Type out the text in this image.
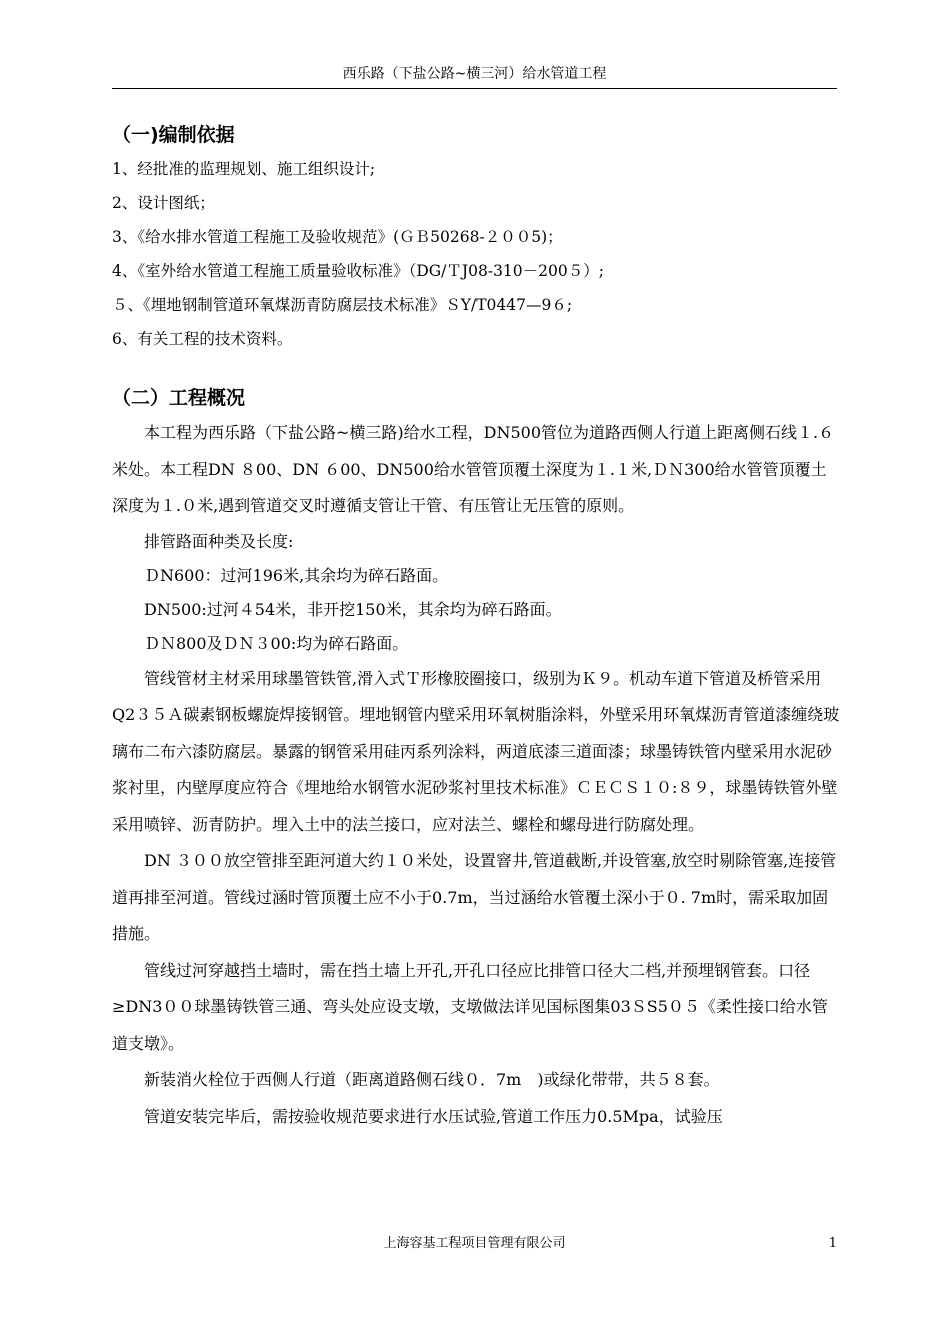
西乐路（下盐公路~横三河）给水管道工程
（一)编制依据

1、经批准的监理规划、施工组织设计;

2、设计图纸；

3、《给水排水管道工程施工及验收规范》(ＧＢ50268-２００5)；

4、《室外给水管道工程施工质量验收标准》（DG/ＴJ08-310－200５）;

５、《埋地钢制管道环氧煤沥青防腐层技术标准》ＳY/T0447—9６;

6、有关工程的技术资料。

（二）工程概况

本工程为西乐路（下盐公路~横三路)给水工程，DN500管位为道路西侧人行道上距离侧石线１.６米处。本工程DN ８00、DN ６00、DN500给水管管顶覆土深度为１.１米,ＤＮ300给水管管顶覆土深度为１.０米,遇到管道交叉时遵循支管让干管、有压管让无压管的原则。

排管路面种类及长度:

ＤN600：过河196米,其余均为碎石路面。

DN500:过河４54米，非开挖150米，其余均为碎石路面。

ＤＮ800及ＤＮ３00:均为碎石路面。

管线管材主材采用球墨管铁管,滑入式Ｔ形橡胶圈接口，级别为Ｋ９。机动车道下管道及桥管采用Q2３５Ａ碳素钢板螺旋焊接钢管。埋地钢管内壁采用环氧树脂涂料，外壁采用环氧煤沥青管道漆缠绕玻璃布二布六漆防腐层。暴露的钢管采用硅丙系列涂料，两道底漆三道面漆；球墨铸铁管内壁采用水泥砂浆衬里，内壁厚度应符合《埋地给水钢管水泥砂浆衬里技术标准》ＣＥＣＳ１０:８９，球墨铸铁管外壁采用喷锌、沥青防护。埋入土中的法兰接口，应对法兰、螺栓和螺母进行防腐处理。

DN ３００放空管排至距河道大约１０米处，设置窨井,管道截断,并设管塞,放空时剔除管塞,连接管道再排至河道。管线过涵时管顶覆土应不小于0.7m，当过涵给水管覆土深小于０. 7m时，需采取加固措施。

管线过河穿越挡土墙时，需在挡土墙上开孔,开孔口径应比排管口径大二档,并预埋钢管套。口径≥DN3００球墨铸铁管三通、弯头处应设支墩，支墩做法详见国标图集03ＳS5０５《柔性接口给水管道支墩》。

新装消火栓位于西侧人行道（距离道路侧石线０．7m　)或绿化带带，共５８套。

管道安装完毕后，需按验收规范要求进行水压试验,管道工作压力0.5Mpa，试验压

上海容基工程项目管理有限公司	1
